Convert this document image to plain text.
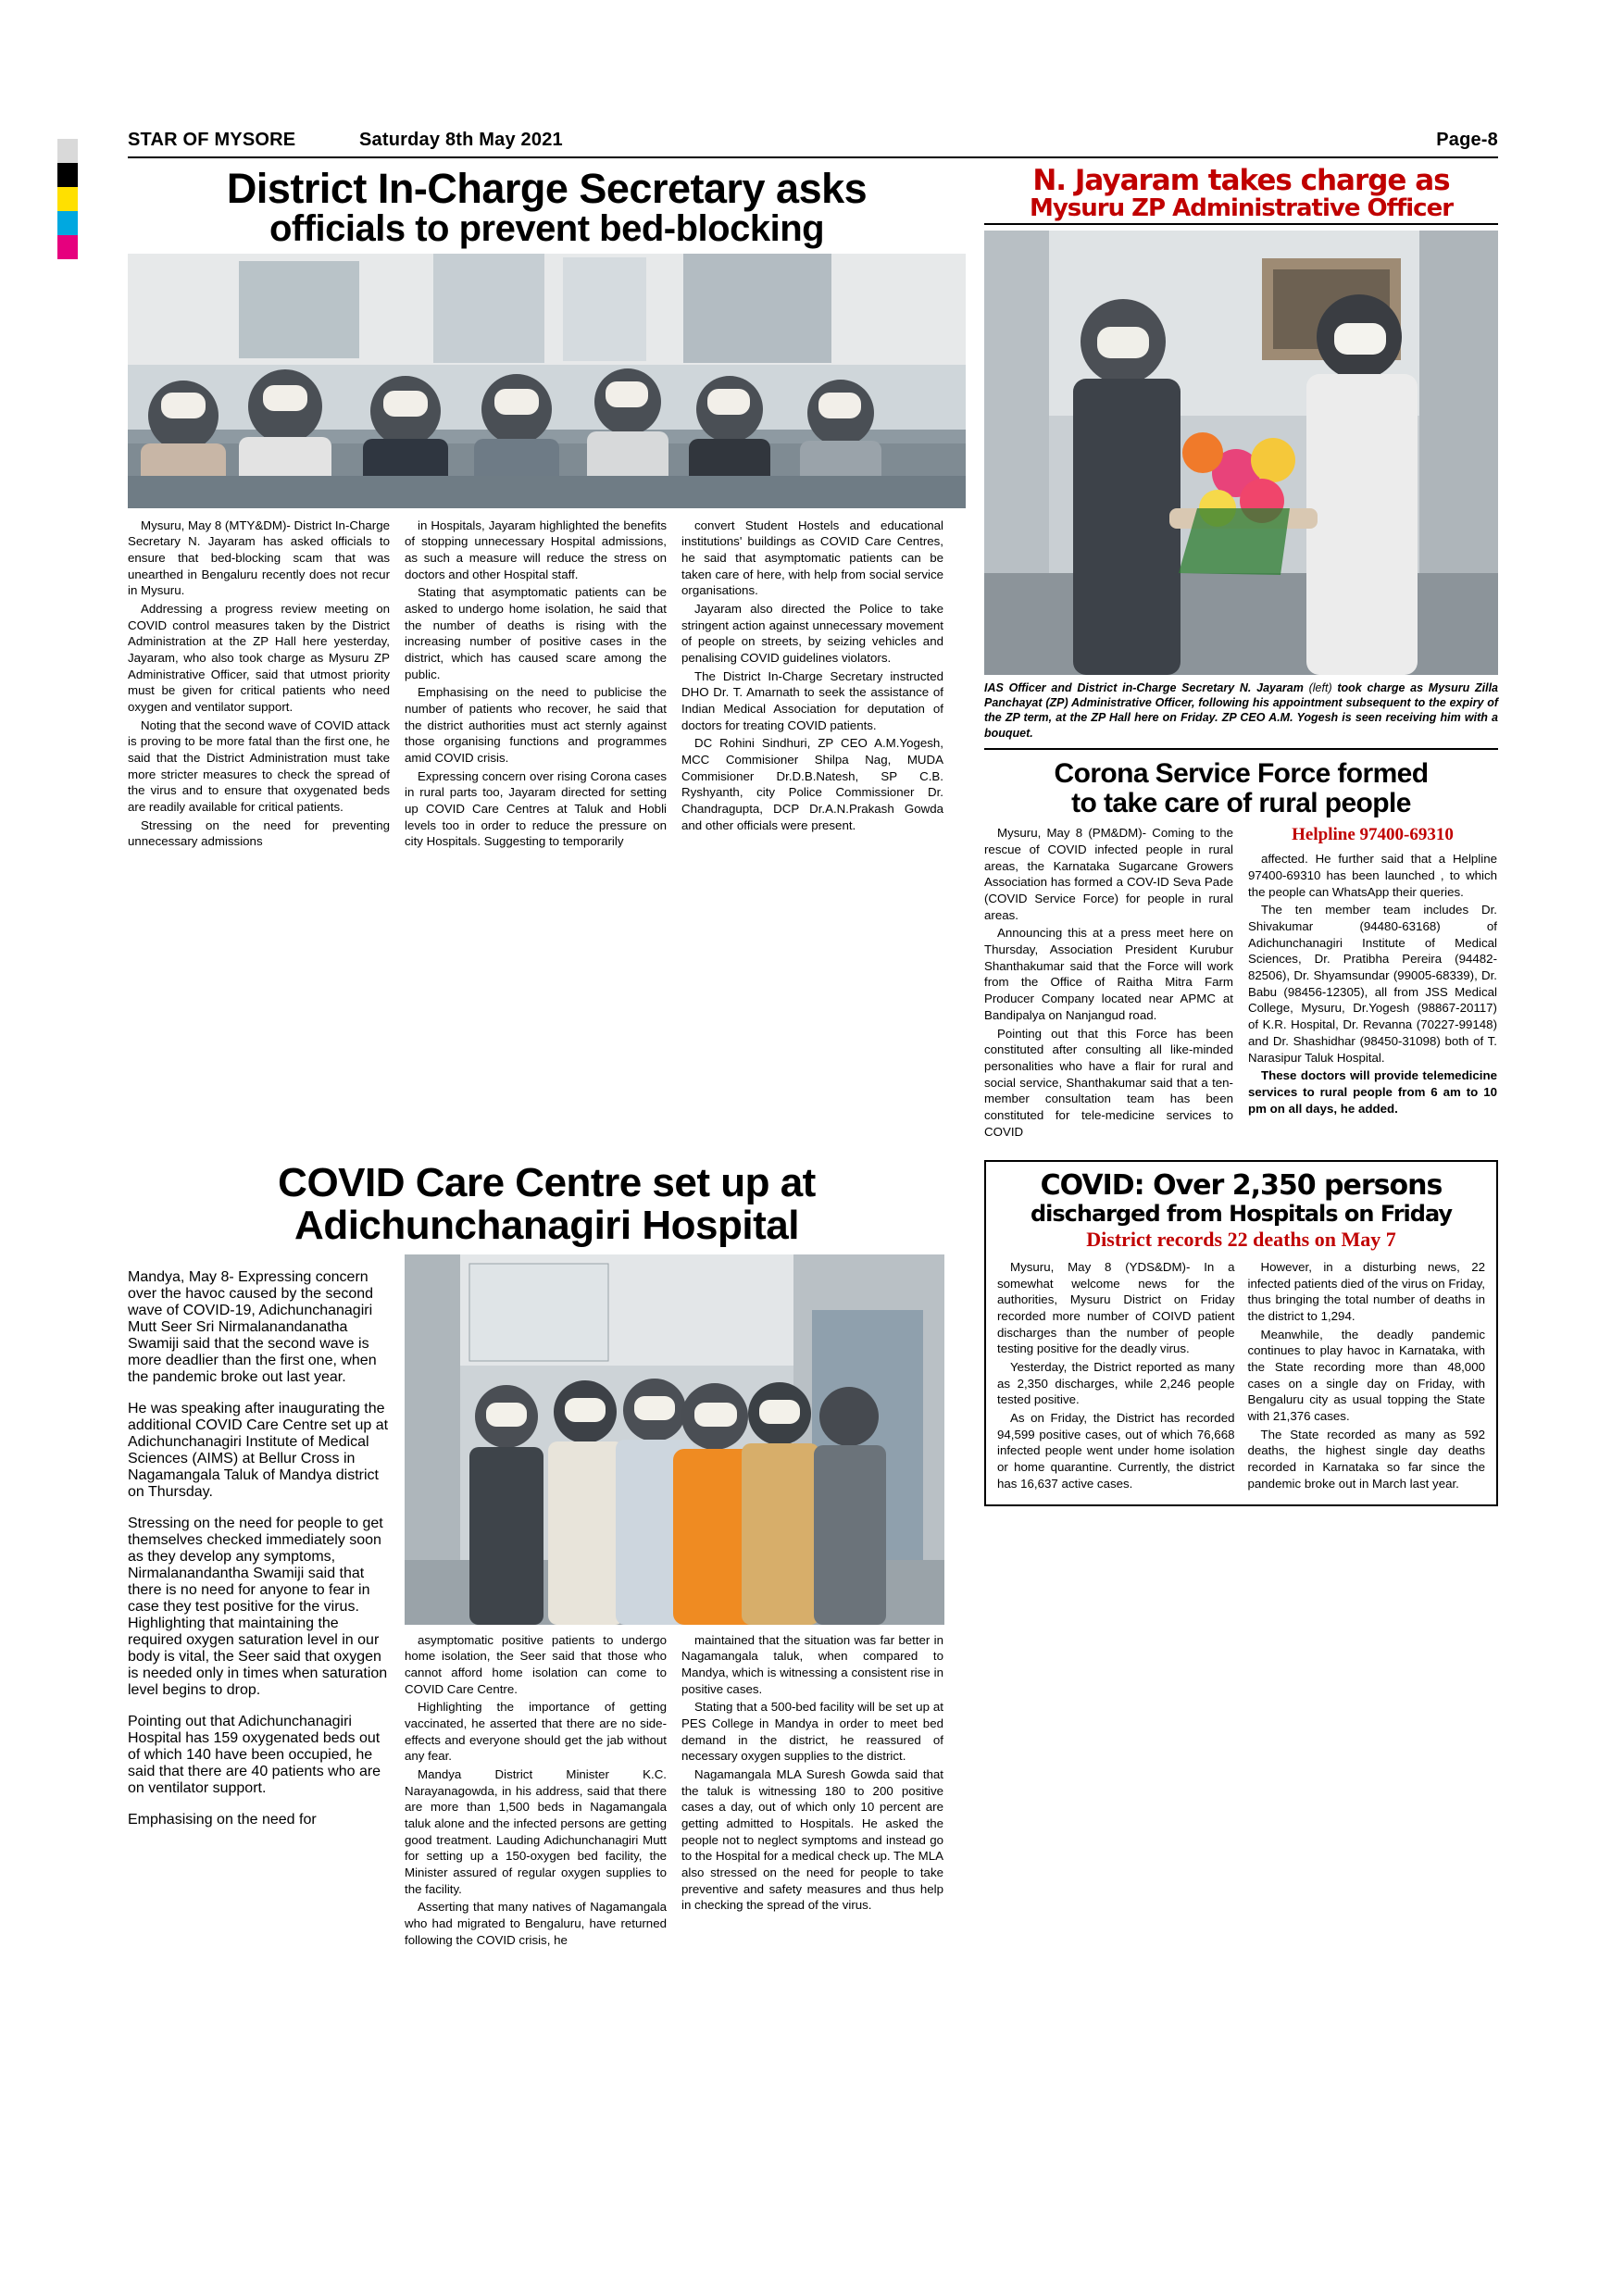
STAR OF MYSORE	Saturday 8th May 2021	Page-8
District In-Charge Secretary asks
officials to prevent bed-blocking

Mysuru, May 8 (MTY&DM)- District In-Charge Secretary N. Jayaram has asked officials to ensure that bed-blocking scam that was unearthed in Bengaluru recently does not recur in Mysuru.

Addressing a progress review meeting on COVID control measures taken by the District Administration at the ZP Hall here yesterday, Jayaram, who also took charge as Mysuru ZP Administrative Officer, said that utmost priority must be given for critical patients who need oxygen and ventilator support.

Noting that the second wave of COVID attack is proving to be more fatal than the first one, he said that the District Administration must take more stricter measures to check the spread of the virus and to ensure that oxygenated beds are readily available for critical patients.

Stressing on the need for preventing unnecessary admissions

in Hospitals, Jayaram highlighted the benefits of stopping unnecessary Hospital admissions, as such a measure will reduce the stress on doctors and other Hospital staff.

Stating that asymptomatic patients can be asked to undergo home isolation, he said that the number of deaths is rising with the increasing number of positive cases in the district, which has caused scare among the public.

Emphasising on the need to publicise the number of patients who recover, he said that the district authorities must act sternly against those organising functions and programmes amid COVID crisis.

Expressing concern over rising Corona cases in rural parts too, Jayaram directed for setting up COVID Care Centres at Taluk and Hobli levels too in order to reduce the pressure on city Hospitals. Suggesting to temporarily

convert Student Hostels and educational institutions' buildings as COVID Care Centres, he said that asymptomatic patients can be taken care of here, with help from social service organisations.

Jayaram also directed the Police to take stringent action against unnecessary movement of people on streets, by seizing vehicles and penalising COVID guidelines violators.

The District In-Charge Secretary instructed DHO Dr. T. Amarnath to seek the assistance of Indian Medical Association for deputation of doctors for treating COVID patients.

DC Rohini Sindhuri, ZP CEO A.M.Yogesh, MCC Commisioner Shilpa Nag, MUDA Commisioner Dr.D.B.Natesh, SP C.B. Ryshyanth, city Police Commissioner Dr. Chandragupta, DCP Dr.A.N.Prakash Gowda and other officials were present.

N. Jayaram takes charge as
Mysuru ZP Administrative Officer
IAS Officer and District in-Charge Secretary N. Jayaram (left) took charge as Mysuru Zilla Panchayat (ZP) Administrative Officer, following his appointment subsequent to the expiry of the ZP term, at the ZP Hall here on Friday. ZP CEO A.M. Yogesh is seen receiving him with a bouquet.
Corona Service Force formed
to take care of rural people

Mysuru, May 8 (PM&DM)- Coming to the rescue of COVID infected people in rural areas, the Karnataka Sugarcane Growers Association has formed a COV-ID Seva Pade (COVID Service Force) for people in rural areas.

Announcing this at a press meet here on Thursday, Association President Kurubur Shanthakumar said that the Force will work from the Office of Raitha Mitra Farm Producer Company located near APMC at Bandipalya on Nanjangud road.

Pointing out that this Force has been constituted after consulting all like-minded personalities who have a flair for rural and social service, Shanthakumar said that a ten-member consultation team has been constituted for tele-medicine services to COVID

Helpline 97400-69310

affected. He further said that a Helpline 97400-69310 has been launched , to which the people can WhatsApp their queries.

The ten member team includes Dr. Shivakumar (94480-63168) of Adichunchanagiri Institute of Medical Sciences, Dr. Pratibha Pereira (94482-82506), Dr. Shyamsundar (99005-68339), Dr. Babu (98456-12305), all from JSS Medical College, Mysuru, Dr.Yogesh (98867-20117) of K.R. Hospital, Dr. Revanna (70227-99148) and Dr. Shashidhar (98450-31098) both of T. Narasipur Taluk Hospital.

These doctors will provide telemedicine services to rural people from 6 am to 10 pm on all days, he added.

COVID Care Centre set up at
Adichunchanagiri Hospital

Mandya, May 8- Expressing concern over the havoc caused by the second wave of COVID-19, Adichunchanagiri Mutt Seer Sri Nirmalanandanatha Swamiji said that the second wave is more deadlier than the first one, when the pandemic broke out last year.

He was speaking after inaugurating the additional COVID Care Centre set up at Adichunchanagiri Institute of Medical Sciences (AIMS) at Bellur Cross in Nagamangala Taluk of Mandya district on Thursday.

Stressing on the need for people to get themselves checked immediately soon as they develop any symptoms, Nirmalanandantha Swamiji said that there is no need for anyone to fear in case they test positive for the virus. Highlighting that maintaining the required oxygen saturation level in our body is vital, the Seer said that oxygen is needed only in times when saturation level begins to drop.

Pointing out that Adichunchanagiri Hospital has 159 oxygenated beds out of which 140 have been occupied, he said that there are 40 patients who are on ventilator support.

Emphasising on the need for

asymptomatic positive patients to undergo home isolation, the Seer said that those who cannot afford home isolation can come to COVID Care Centre.

Highlighting the importance of getting vaccinated, he asserted that there are no side-effects and everyone should get the jab without any fear.

Mandya District Minister K.C. Narayanagowda, in his address, said that there are more than 1,500 beds in Nagamangala taluk alone and the infected persons are getting good treatment. Lauding Adichunchanagiri Mutt for setting up a 150-oxygen bed facility, the Minister assured of regular oxygen supplies to the facility.

Asserting that many natives of Nagamangala who had migrated to Bengaluru, have returned following the COVID crisis, he

maintained that the situation was far better in Nagamangala taluk, when compared to Mandya, which is witnessing a consistent rise in positive cases.

Stating that a 500-bed facility will be set up at PES College in Mandya in order to meet bed demand in the district, he reassured of necessary oxygen supplies to the district.

Nagamangala MLA Suresh Gowda said that the taluk is witnessing 180 to 200 positive cases a day, out of which only 10 percent are getting admitted to Hospitals. He asked the people not to neglect symptoms and instead go to the Hospital for a medical check up. The MLA also stressed on the need for people to take preventive and safety measures and thus help in checking the spread of the virus.

COVID: Over 2,350 persons
discharged from Hospitals on Friday
District records 22 deaths on May 7

Mysuru, May 8 (YDS&DM)- In a somewhat welcome news for the authorities, Mysuru District on Friday recorded more number of COIVD patient discharges than the number of people testing positive for the deadly virus.

Yesterday, the District reported as many as 2,350 discharges, while 2,246 people tested positive.

As on Friday, the District has recorded 94,599 positive cases, out of which 76,668 infected people went under home isolation or home quarantine. Currently, the district has 16,637 active cases.

However, in a disturbing news, 22 infected patients died of the virus on Friday, thus bringing the total number of deaths in the district to 1,294.

Meanwhile, the deadly pandemic continues to play havoc in Karnataka, with the State recording more than 48,000 cases on a single day on Friday, with Bengaluru city as usual topping the State with 21,376 cases.

The State recorded as many as 592 deaths, the highest single day deaths recorded in Karnataka so far since the pandemic broke out in March last year.
